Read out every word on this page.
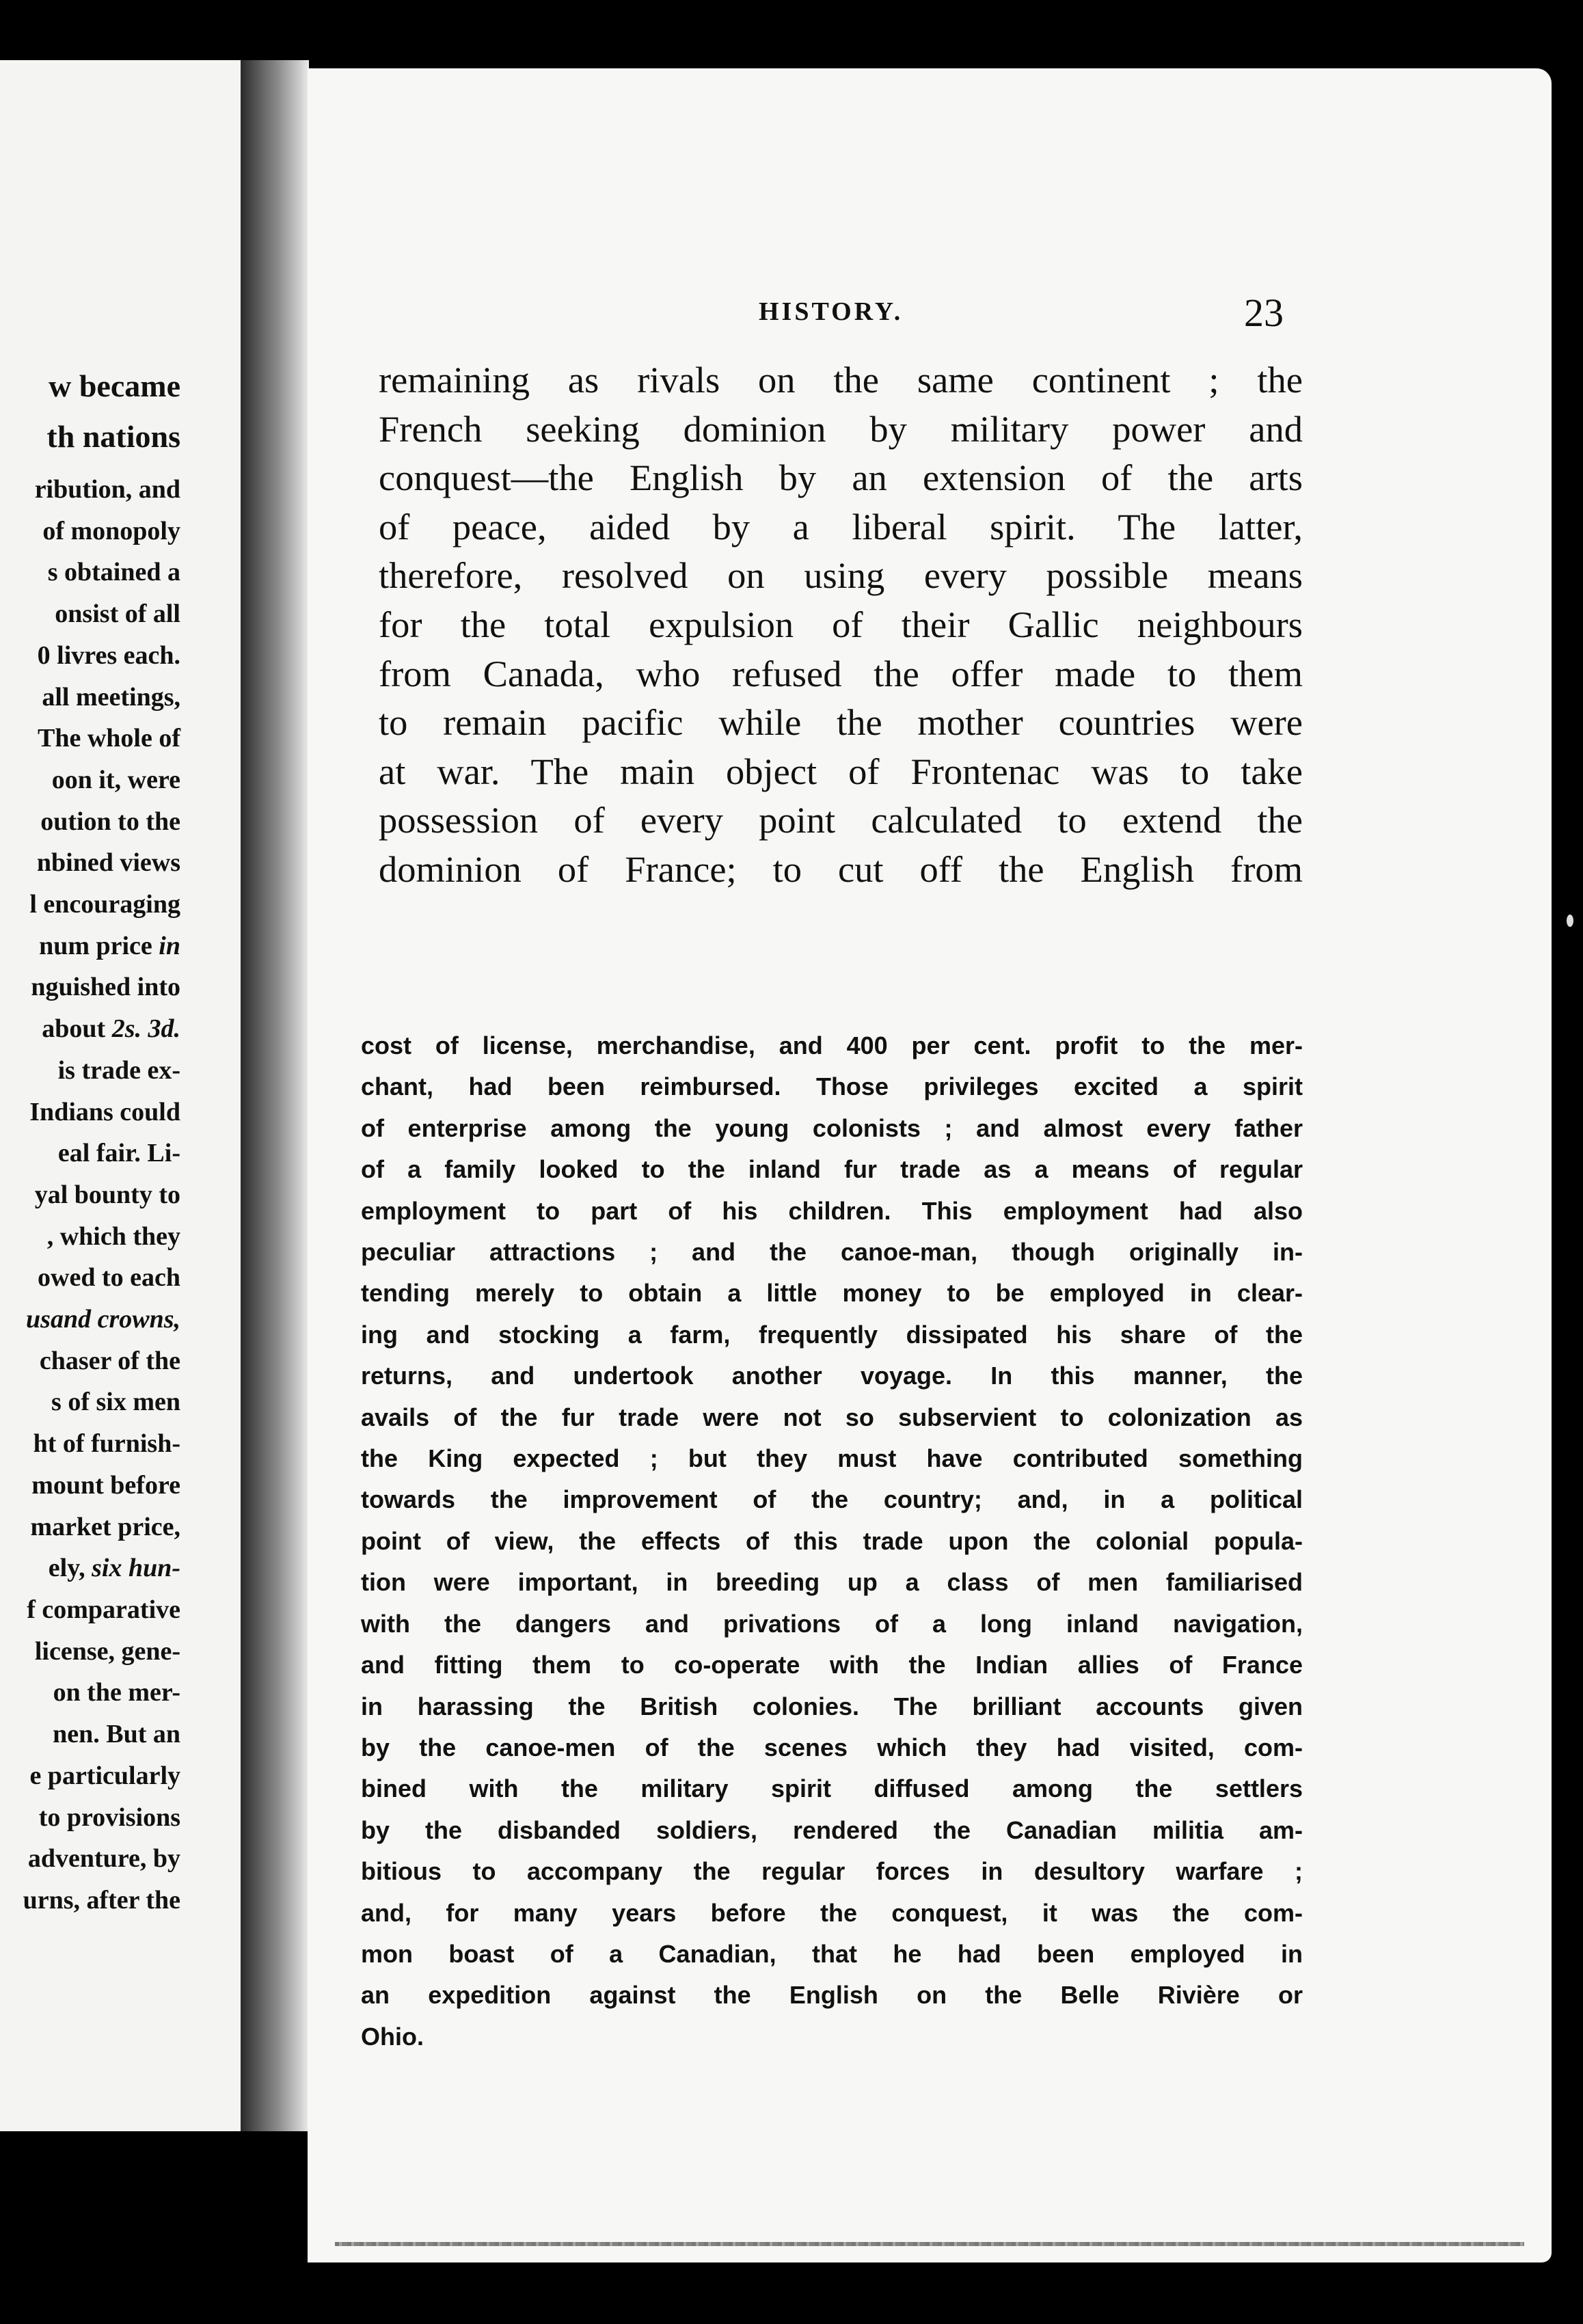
w became
th nations
ribution, and
of monopoly
s obtained a
onsist of all
0 livres each.
all meetings,
The whole of
oon it, were
oution to the
nbined views
l encouraging
num price in
nguished into
about 2s. 3d.
is trade ex-
Indians could
eal fair. Li-
yal bounty to
, which they
owed to each
usand crowns,
chaser of the
s of six men
ht of furnish-
mount before
market price,
ely, six hun-
f comparative
license, gene-
on the mer-
nen. But an
e particularly
to provisions
adventure, by
urns, after the
HISTORY.	23
remaining as rivals on the same continent ; the
French seeking dominion by military power and
conquest—the English by an extension of the arts
of peace, aided by a liberal spirit. The latter,
therefore, resolved on using every possible means
for the total expulsion of their Gallic neighbours
from Canada, who refused the offer made to them
to remain pacific while the mother countries were
at war. The main object of Frontenac was to take
possession of every point calculated to extend the
dominion of France; to cut off the English from
cost of license, merchandise, and 400 per cent. profit to the mer-
chant, had been reimbursed. Those privileges excited a spirit
of enterprise among the young colonists ; and almost every father
of a family looked to the inland fur trade as a means of regular
employment to part of his children. This employment had also
peculiar attractions ; and the canoe-man, though originally in-
tending merely to obtain a little money to be employed in clear-
ing and stocking a farm, frequently dissipated his share of the
returns, and undertook another voyage. In this manner, the
avails of the fur trade were not so subservient to colonization as
the King expected ; but they must have contributed something
towards the improvement of the country; and, in a political
point of view, the effects of this trade upon the colonial popula-
tion were important, in breeding up a class of men familiarised
with the dangers and privations of a long inland navigation,
and fitting them to co-operate with the Indian allies of France
in harassing the British colonies. The brilliant accounts given
by the canoe-men of the scenes which they had visited, com-
bined with the military spirit diffused among the settlers
by the disbanded soldiers, rendered the Canadian militia am-
bitious to accompany the regular forces in desultory warfare ;
and, for many years before the conquest, it was the com-
mon boast of a Canadian, that he had been employed in
an expedition against the English on the Belle Rivière or
Ohio.
